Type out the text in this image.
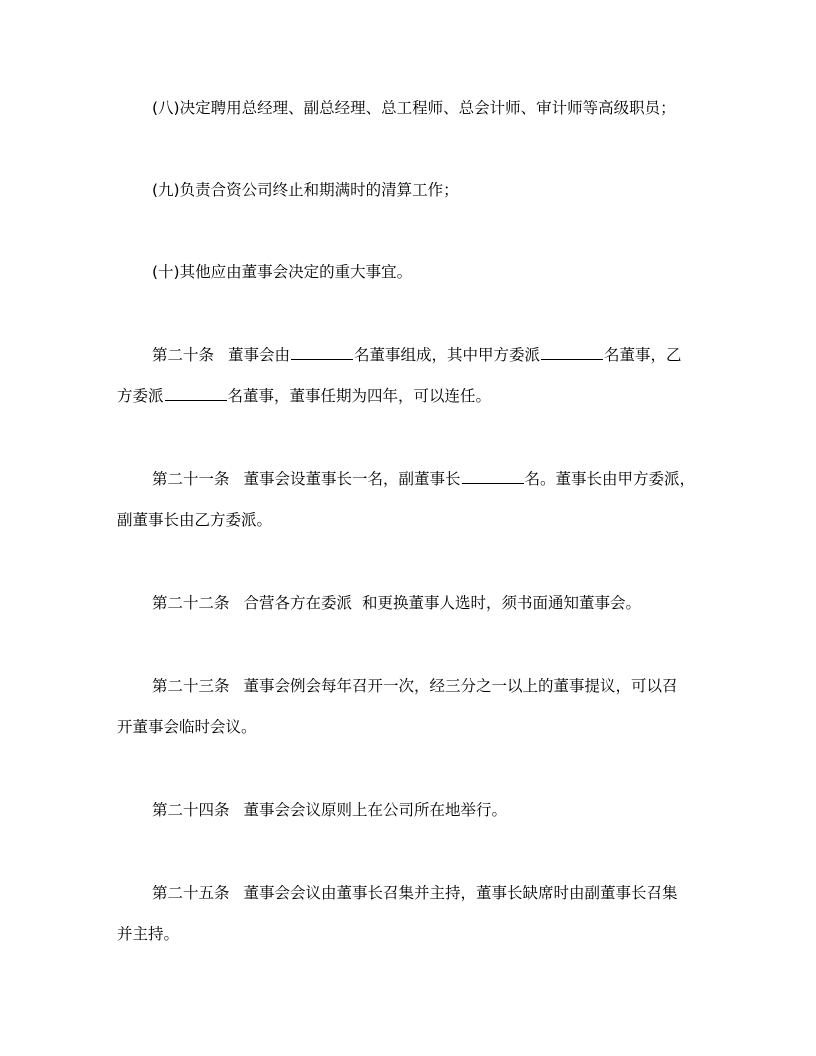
(八)决定聘用总经理、副总经理、总工程师、总会计师、审计师等高级职员；
(九)负责合资公司终止和期满时的清算工作；
(十)其他应由董事会决定的重大事宜。
第二十条 董事会由	名董事组成，其中甲方委派	名董事，乙
方委派	名董事，董事任期为四年，可以连任。
第二十一条 董事会设董事长一名，副董事长	名。董事长由甲方委派，
副董事长由乙方委派。
第二十二条 合营各方在委派 和更换董事人选时，须书面通知董事会。
第二十三条 董事会例会每年召开一次，经三分之一以上的董事提议，可以召
开董事会临时会议。
第二十四条 董事会会议原则上在公司所在地举行。
第二十五条 董事会会议由董事长召集并主持，董事长缺席时由副董事长召集
并主持。
